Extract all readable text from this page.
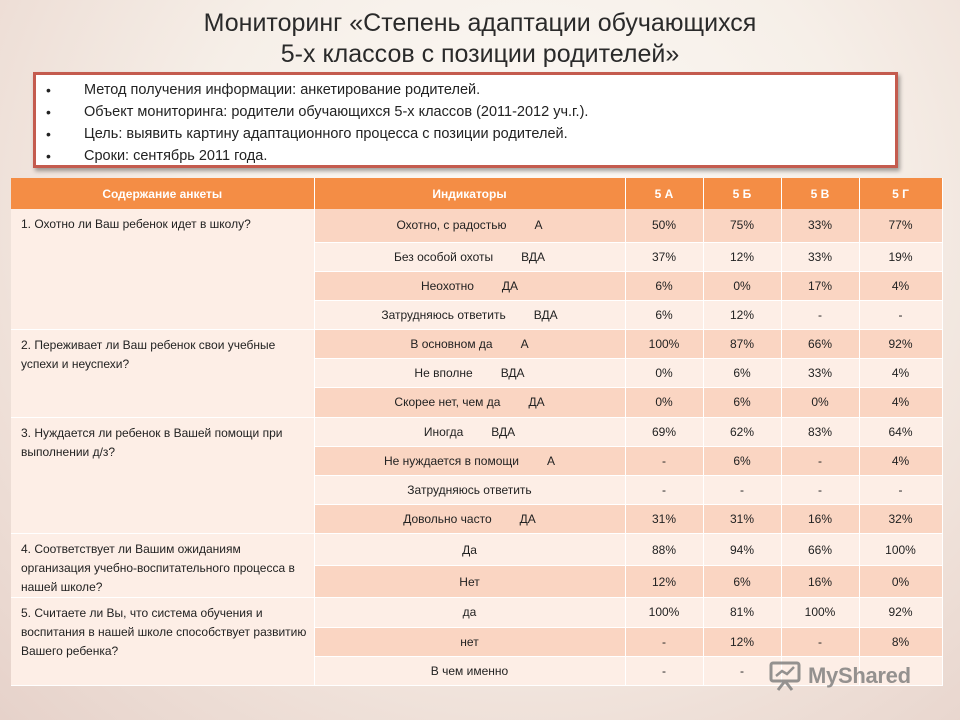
Мониторинг «Степень адаптации обучающихся
5-х классов с позиции родителей»
• Метод получения информации: анкетирование родителей.
• Объект мониторинга: родители обучающихся 5-х классов (2011-2012 уч.г.).
• Цель: выявить картину адаптационного процесса с позиции родителей.
• Сроки: сентябрь 2011 года.
Содержание анкеты	Индикаторы	5 А	5 Б	5 В	5 Г
1. Охотно ли Ваш ребенок идет в школу?	Охотно, с радостью А	50%	75%	33%	77%
	Без особой охоты ВДА	37%	12%	33%	19%
	Неохотно ДА	6%	0%	17%	4%
	Затрудняюсь ответить ВДА	6%	12%	-	-
2. Переживает ли Ваш ребенок свои учебные успехи и неуспехи?	В основном да А	100%	87%	66%	92%
	Не вполне ВДА	0%	6%	33%	4%
	Скорее нет, чем да ДА	0%	6%	0%	4%
3. Нуждается ли ребенок в Вашей помощи при выполнении д/з?	Иногда ВДА	69%	62%	83%	64%
	Не нуждается в помощи А	-	6%	-	4%
	Затрудняюсь ответить	-	-	-	-
	Довольно часто ДА	31%	31%	16%	32%
4. Соответствует ли Вашим ожиданиям организация учебно-воспитательного процесса в нашей школе?	Да	88%	94%	66%	100%
	Нет	12%	6%	16%	0%
5. Считаете ли Вы, что система обучения и воспитания в нашей школе способствует развитию Вашего ребенка?	да	100%	81%	100%	92%
	нет	-	12%	-	8%
	В чем именно	-	-			MyShared
